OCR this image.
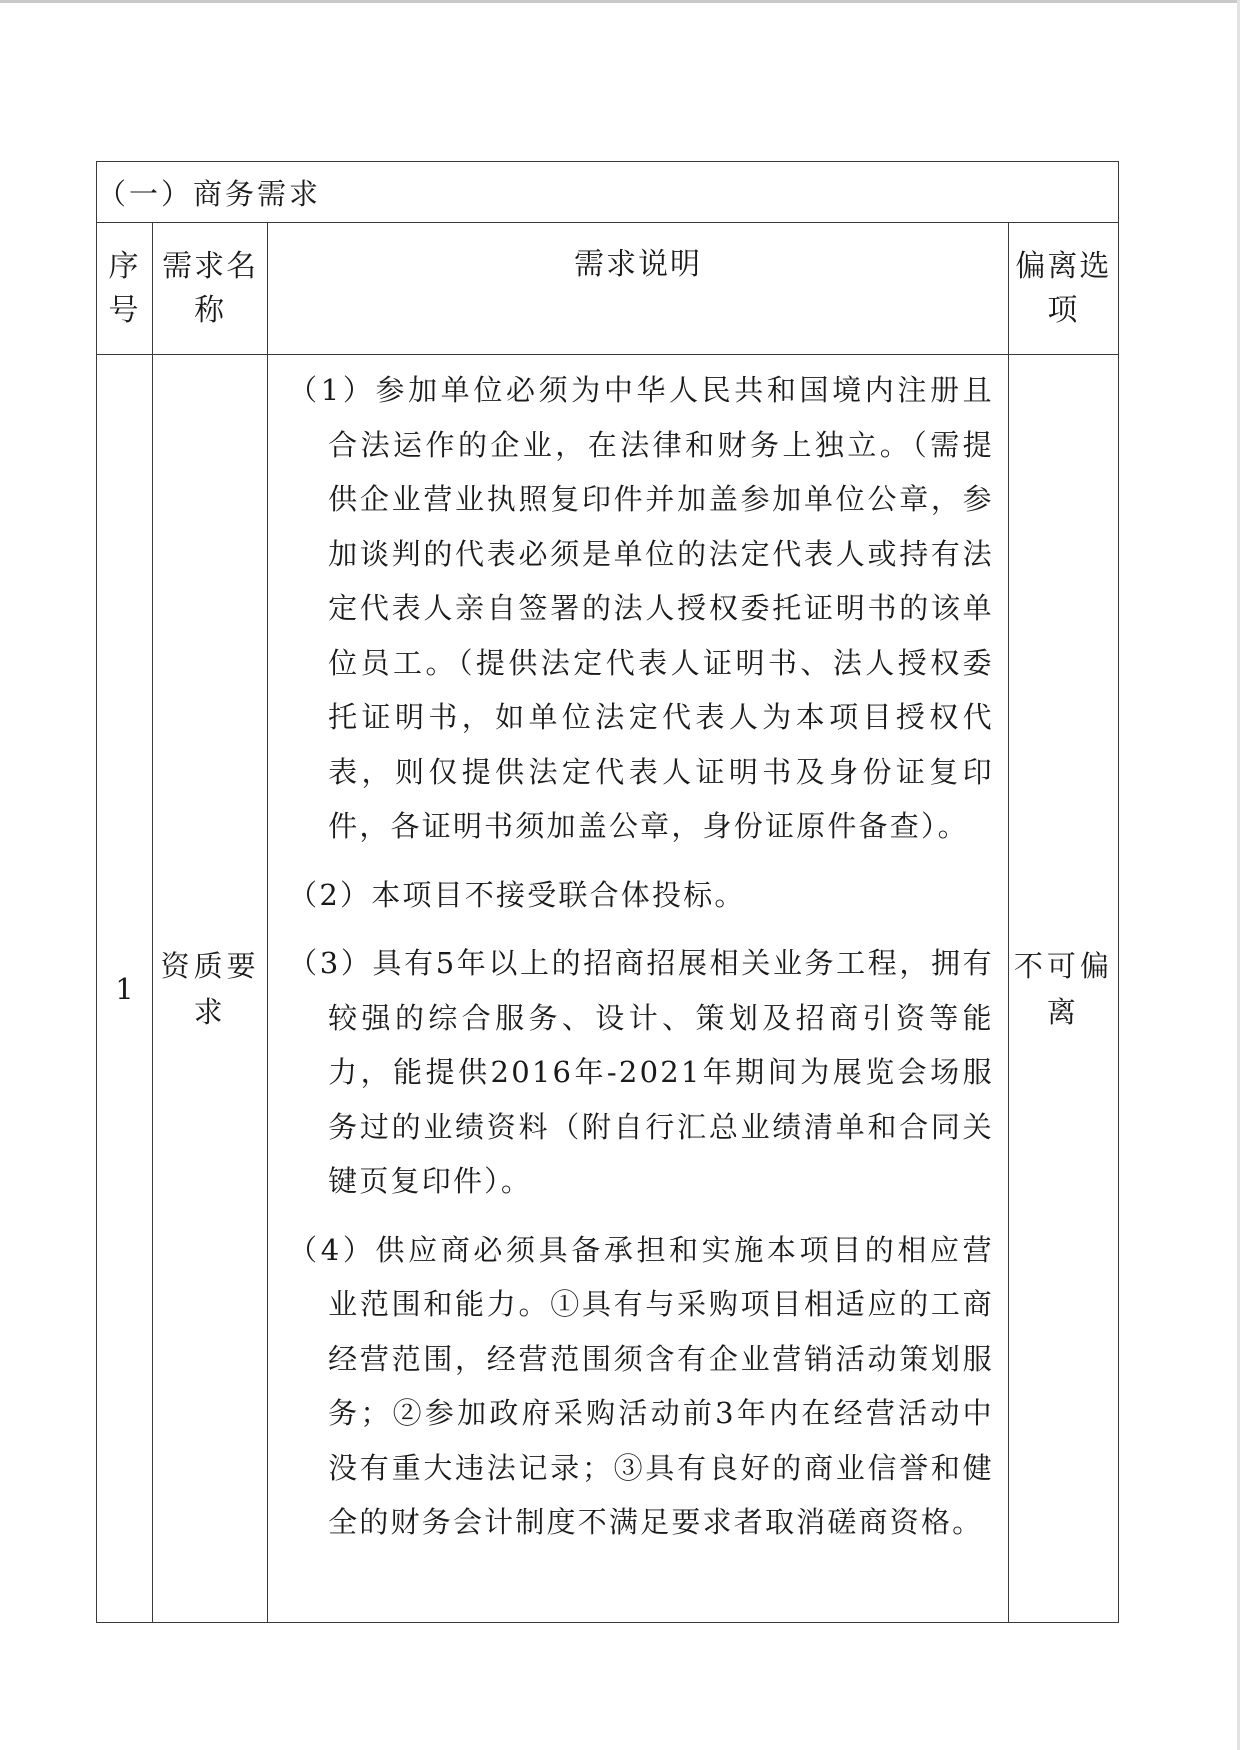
（一）商务需求			
序号	需求名称	需求说明	偏离选项
1	资质要求	（1）参加单位必须为中华人民共和国境内注册且合法运作的企业，在法律和财务上独立。（需提供企业营业执照复印件并加盖参加单位公章，参加谈判的代表必须是单位的法定代表人或持有法定代表人亲自签署的法人授权委托证明书的该单位员工。（提供法定代表人证明书、法人授权委托证明书，如单位法定代表人为本项目授权代表，则仅提供法定代表人证明书及身份证复印件，各证明书须加盖公章，身份证原件备查）。

（2）本项目不接受联合体投标。

（3）具有5年以上的招商招展相关业务工程，拥有较强的综合服务、设计、策划及招商引资等能力，能提供2016年-2021年期间为展览会场服务过的业绩资料（附自行汇总业绩清单和合同关键页复印件）。

（4）供应商必须具备承担和实施本项目的相应营业范围和能力。①具有与采购项目相适应的工商经营范围，经营范围须含有企业营销活动策划服务；②参加政府采购活动前3年内在经营活动中没有重大违法记录；③具有良好的商业信誉和健全的财务会计制度不满足要求者取消磋商资格。	不可偏离
